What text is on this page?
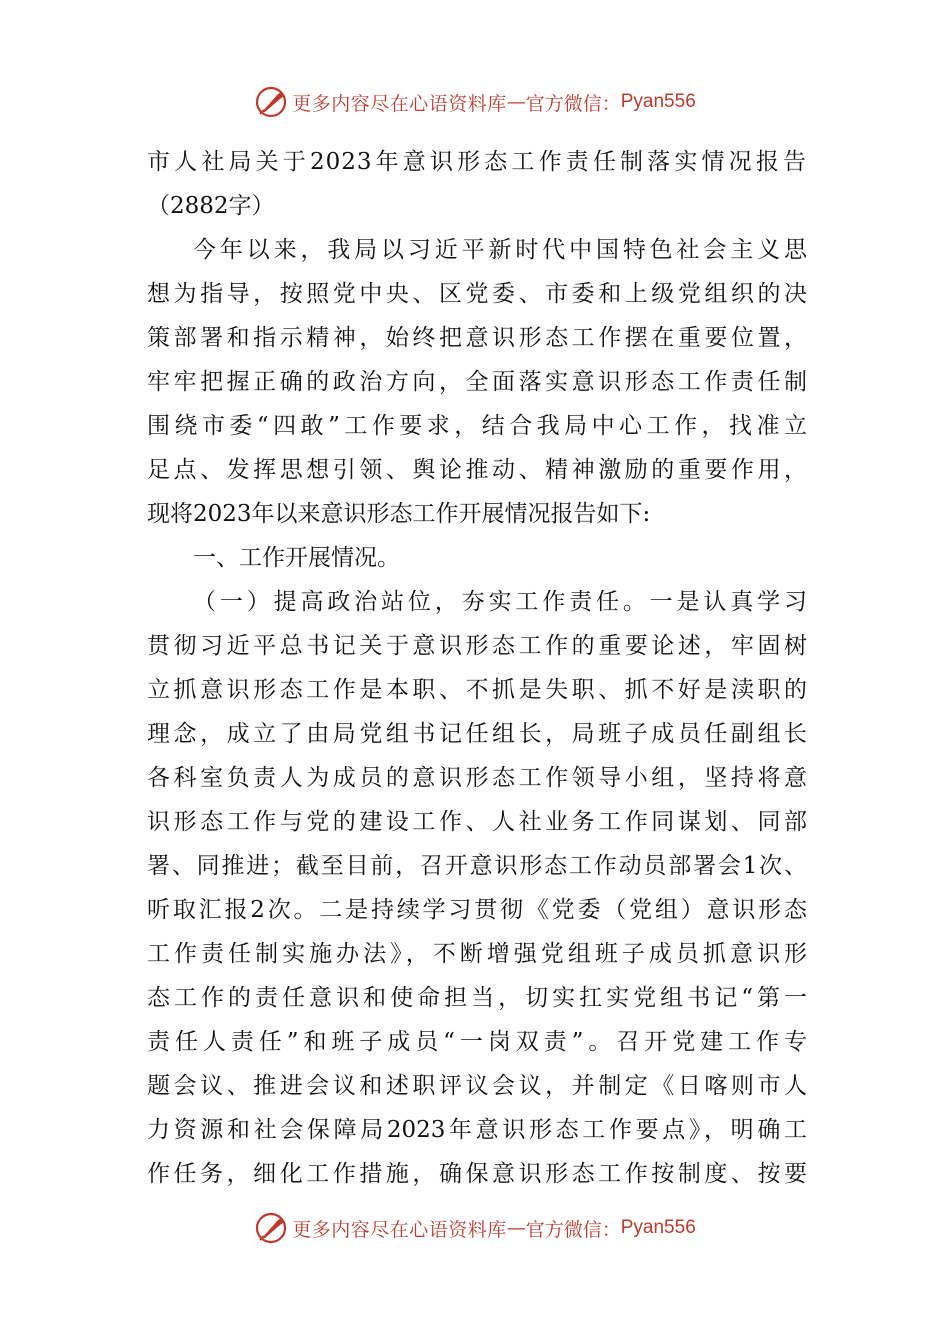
更多内容尽在心语资料库 — 官方微信： Pyan556
市人社局关于2023年意识形态工作责任制落实情况报告
（2882字）
今年以来，我局以习近平新时代中国特色社会主义思
想为指导，按照党中央、区党委、市委和上级党组织的决
策部署和指示精神，始终把意识形态工作摆在重要位置，
牢牢把握正确的政治方向，全面落实意识形态工作责任制
围绕市委“四敢”工作要求，结合我局中心工作，找准立
足点、发挥思想引领、舆论推动、精神激励的重要作用，
现将2023年以来意识形态工作开展情况报告如下:
一、工作开展情况。
（一）提高政治站位，夯实工作责任。一是认真学习
贯彻习近平总书记关于意识形态工作的重要论述，牢固树
立抓意识形态工作是本职、不抓是失职、抓不好是渎职的
理念，成立了由局党组书记任组长，局班子成员任副组长
各科室负责人为成员的意识形态工作领导小组，坚持将意
识形态工作与党的建设工作、人社业务工作同谋划、同部
署、同推进；截至目前，召开意识形态工作动员部署会1次、
听取汇报2次。二是持续学习贯彻《党委（党组）意识形态
工作责任制实施办法》，不断增强党组班子成员抓意识形
态工作的责任意识和使命担当，切实扛实党组书记“第一
责任人责任”和班子成员“一岗双责”。召开党建工作专
题会议、推进会议和述职评议会议，并制定《日喀则市人
力资源和社会保障局2023年意识形态工作要点》，明确工
作任务，细化工作措施，确保意识形态工作按制度、按要
更多内容尽在心语资料库 — 官方微信： Pyan556
